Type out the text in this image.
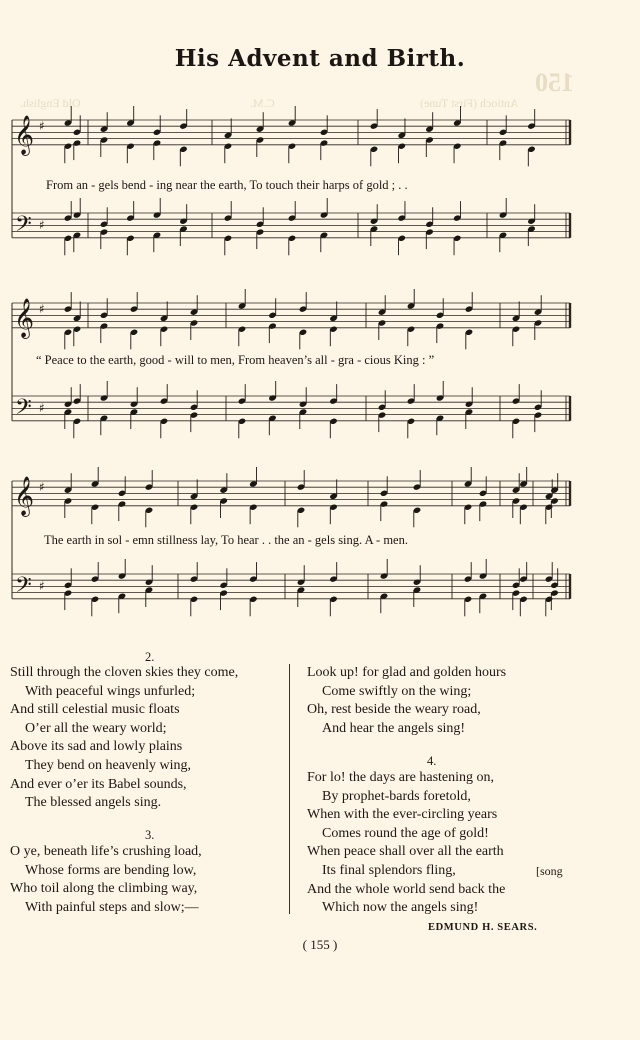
His Advent and Birth.
150
Old English.	C.M.	Antioch (First Tune)
𝄞
𝄢
♯
♯
𝄞
𝄢
♯
♯
𝄞
𝄢
♯
♯
From an - gels bend - ing near the earth, To touch their harps of gold ; . .
“ Peace to the earth, good - will to men, From heaven’s all - gra - cious King : ”
The earth in sol - emn stillness lay, To hear . . the an - gels sing. A - men.
2.
Still through the cloven skies they come,
With peaceful wings unfurled;
And still celestial music floats
O’er all the weary world;
Above its sad and lowly plains
They bend on heavenly wing,
And ever o’er its Babel sounds,
The blessed angels sing.
3.
O ye, beneath life’s crushing load,
Whose forms are bending low,
Who toil along the climbing way,
With painful steps and slow;—
Look up! for glad and golden hours
Come swiftly on the wing;
Oh, rest beside the weary road,
And hear the angels sing!
4.
For lo! the days are hastening on,
By prophet-bards foretold,
When with the ever-circling years
Comes round the age of gold!
When peace shall over all the earth
Its final splendors fling,
And the whole world send back the
Which now the angels sing!
[song
EDMUND H. SEARS.
( 155 )
